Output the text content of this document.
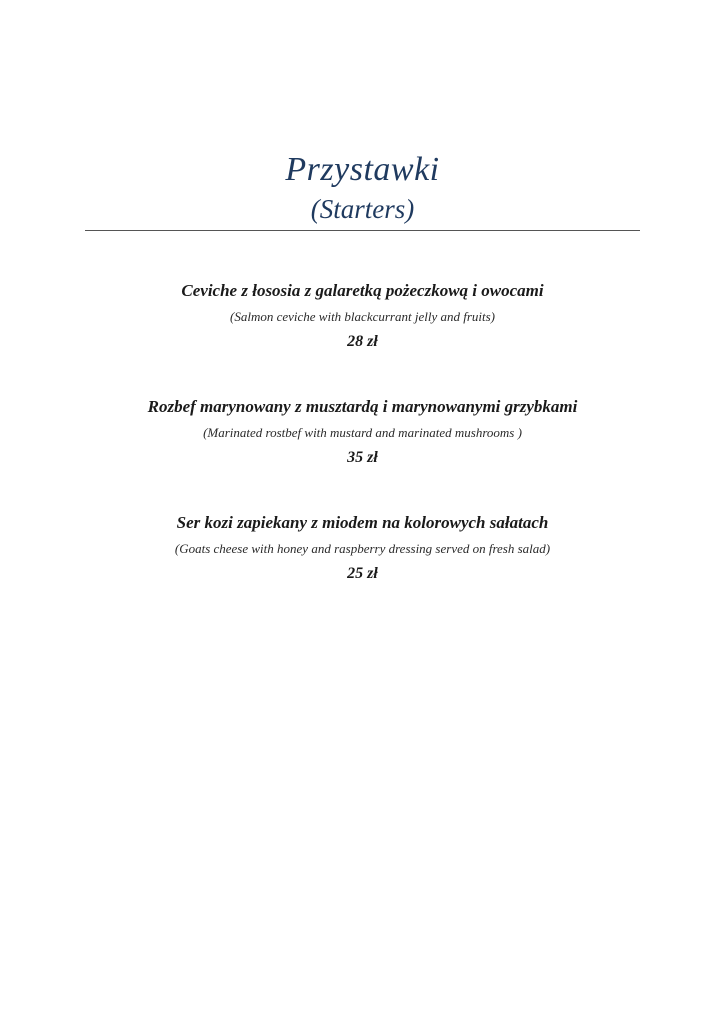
Przystawki
(Starters)

Ceviche z łososia z galaretką pożeczkową i owocami

(Salmon ceviche with blackcurrant jelly and fruits)

28 zł

Rozbef marynowany z musztardą i marynowanymi grzybkami

(Marinated rostbef with mustard and marinated mushrooms )

35 zł

Ser kozi zapiekany z miodem na kolorowych sałatach

(Goats cheese with honey and raspberry dressing served on fresh salad)

25 zł
